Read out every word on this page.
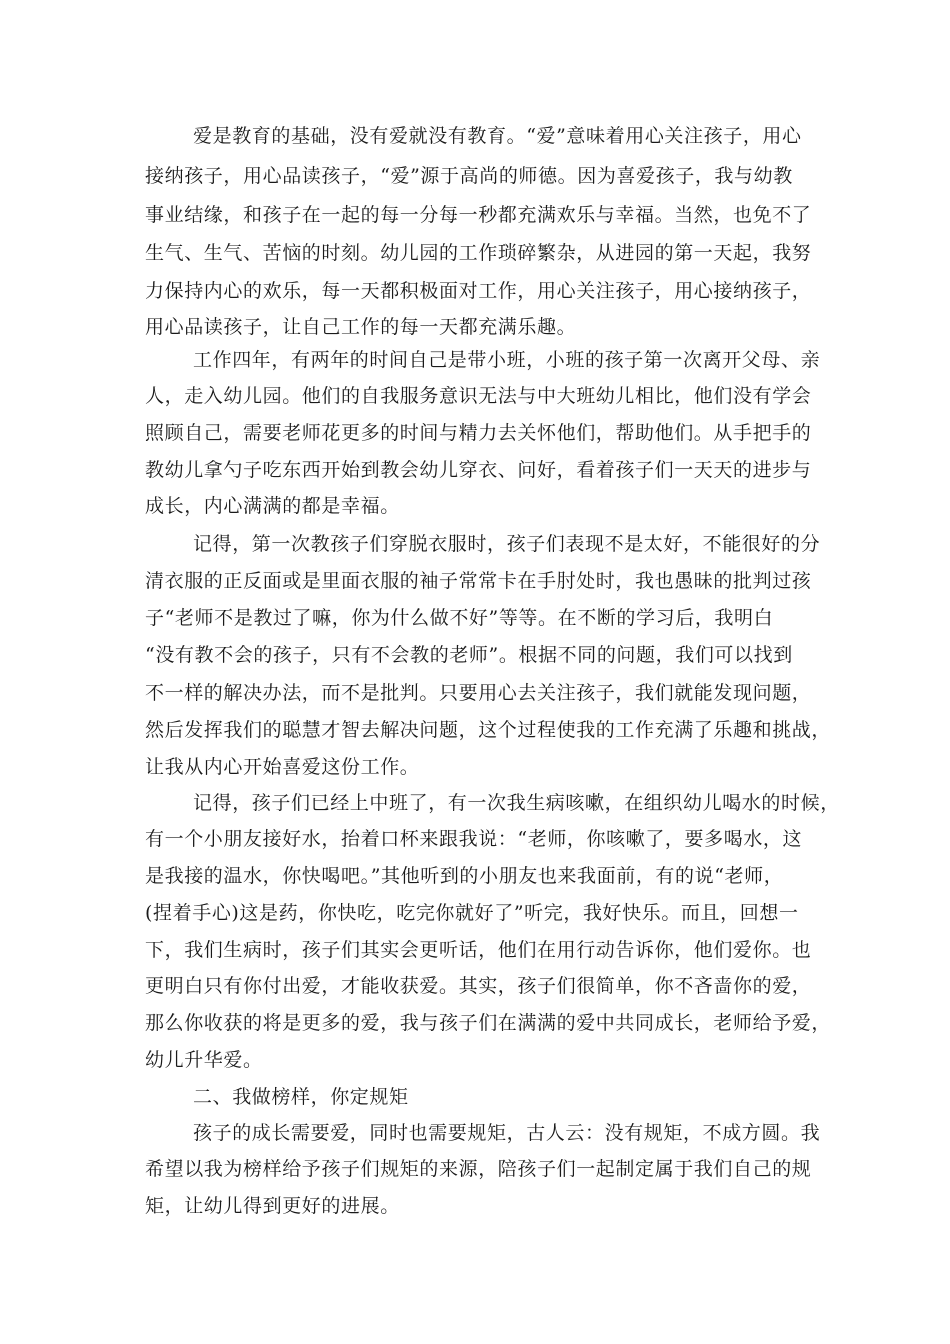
爱是教育的基础，没有爱就没有教育。“爱”意味着用心关注孩子，用心

接纳孩子，用心品读孩子，“爱”源于高尚的师德。因为喜爱孩子，我与幼教

事业结缘，和孩子在一起的每一分每一秒都充满欢乐与幸福。当然，也免不了

生气、生气、苦恼的时刻。幼儿园的工作琐碎繁杂，从进园的第一天起，我努

力保持内心的欢乐，每一天都积极面对工作，用心关注孩子，用心接纳孩子，

用心品读孩子，让自己工作的每一天都充满乐趣。

工作四年，有两年的时间自己是带小班，小班的孩子第一次离开父母、亲

人，走入幼儿园。他们的自我服务意识无法与中大班幼儿相比，他们没有学会

照顾自己，需要老师花更多的时间与精力去关怀他们，帮助他们。从手把手的

教幼儿拿勺子吃东西开始到教会幼儿穿衣、问好，看着孩子们一天天的进步与

成长，内心满满的都是幸福。

记得，第一次教孩子们穿脱衣服时，孩子们表现不是太好，不能很好的分

清衣服的正反面或是里面衣服的袖子常常卡在手肘处时，我也愚昧的批判过孩

子“老师不是教过了嘛，你为什么做不好”等等。在不断的学习后，我明白

“没有教不会的孩子，只有不会教的老师”。根据不同的问题，我们可以找到

不一样的解决办法，而不是批判。只要用心去关注孩子，我们就能发现问题，

然后发挥我们的聪慧才智去解决问题，这个过程使我的工作充满了乐趣和挑战，

让我从内心开始喜爱这份工作。

记得，孩子们已经上中班了，有一次我生病咳嗽，在组织幼儿喝水的时候，

有一个小朋友接好水，抬着口杯来跟我说：“老师，你咳嗽了，要多喝水，这

是我接的温水，你快喝吧。”其他听到的小朋友也来我面前，有的说“老师，

(捏着手心)这是药，你快吃，吃完你就好了”听完，我好快乐。而且，回想一

下，我们生病时，孩子们其实会更听话，他们在用行动告诉你，他们爱你。也

更明白只有你付出爱，才能收获爱。其实，孩子们很简单，你不吝啬你的爱，

那么你收获的将是更多的爱，我与孩子们在满满的爱中共同成长，老师给予爱，

幼儿升华爱。

二、我做榜样，你定规矩

孩子的成长需要爱，同时也需要规矩，古人云：没有规矩，不成方圆。我

希望以我为榜样给予孩子们规矩的来源，陪孩子们一起制定属于我们自己的规

矩，让幼儿得到更好的进展。
